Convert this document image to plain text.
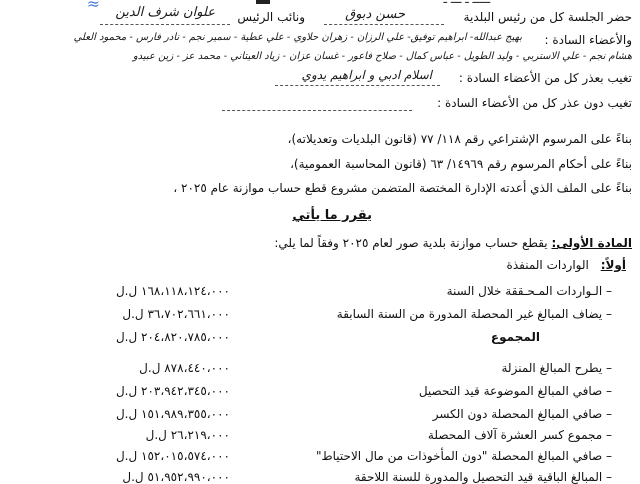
≈
حضر الجلسة كل من رئيس البلدية
حسن دبوق
ونائب الرئيس
علوان شرف الدين
والأعضاء السادة :
بهيج عبدالله- ابراهيم توفيق- علي الرزان - زهران حلاوي - علي عطية - سمير نجم - نادر فارس - محمود العلي
هشام نجم - علي الاستربي - وليد الطويل - عباس كمال - صلاح فاعور - غسان عزان - زياد العيتاني - محمد عز - زين عبيدو
تغيب بعذر كل من الأعضاء السادة :
اسلام ادبي و ابراهيم يدوي
تغيب دون عذر كل من الأعضاء السادة :
بناءً على المرسوم الإشتراعي رقم ١١٨/ ٧٧ (قانون البلديات وتعديلاته)،
بناءً على أحكام المرسوم رقم ١٤٩٦٩/ ٦٣ (قانون المحاسبة العمومية)،
بناءً على الملف الذي أعدته الإدارة المختصة المتضمن مشروع قطع حساب موازنة عام ٢٠٢٥ ،
يقرر ما يأتي
المادة الأولى: يقطع حساب موازنة بلدية صور لعام ٢٠٢٥ وفقاً لما يلي:
أولاً: الواردات المنفذة
– الـواردات المـحـققة خلال السنة
١٦٨،١١٨،١٢٤،٠٠٠ ل.ل
– يضاف المبالغ غير المحصلة المدورة من السنة السابقة
٣٦،٧٠٢،٦٦١،٠٠٠ ل.ل
المجموع
٢٠٤،٨٢٠،٧٨٥،٠٠٠ ل.ل
– يطرح المبالغ المنزلة
٨٧٨،٤٤٠،٠٠٠ ل.ل
– صافي المبالغ الموضوعة قيد التحصيل
٢٠٣،٩٤٢،٣٤٥،٠٠٠ ل.ل
– صافي المبالغ المحصلة دون الكسر
١٥١،٩٨٩،٣٥٥،٠٠٠ ل.ل
– مجموع كسر العشرة آلاف المحصلة
٢٦،٢١٩،٠٠٠ ل.ل
– صافي المبالغ المحصلة "دون المأخوذات من مال الاحتياط"
١٥٢،٠١٥،٥٧٤،٠٠٠ ل.ل
– المبالغ الباقية قيد التحصيل والمدورة للسنة اللاحقة
٥١،٩٥٢،٩٩٠،٠٠٠ ل.ل
